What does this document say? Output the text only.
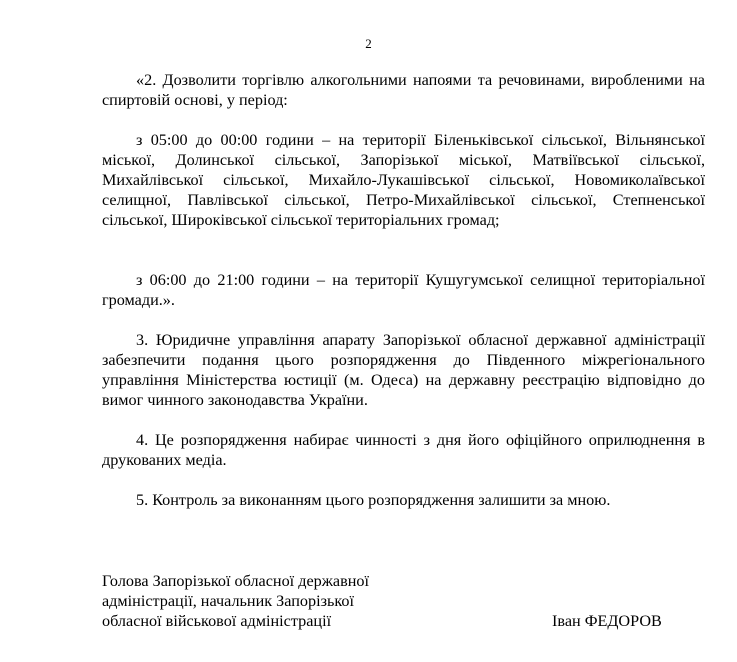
2

«2. Дозволити торгівлю алкогольними напоями та речовинами, виробленими на спиртовій основі, у період:

з 05:00 до 00:00 години – на території Біленьківської сільської, Вільнянської міської, Долинської сільської, Запорізької міської, Матвіївської сільської, Михайлівської сільської, Михайло-Лукашівської сільської, Новомиколаївської селищної, Павлівської сільської, Петро-Михайлівської сільської, Степненської сільської, Широківської сільської територіальних громад;

з 06:00 до 21:00 години – на території Кушугумської селищної територіальної громади.».

3. Юридичне управління апарату Запорізької обласної державної адміністрації забезпечити подання цього розпорядження до Південного міжрегіонального управління Міністерства юстиції (м. Одеса) на державну реєстрацію відповідно до вимог чинного законодавства України.

4. Це розпорядження набирає чинності з дня його офіційного оприлюднення в друкованих медіа.

5. Контроль за виконанням цього розпорядження залишити за мною.

Голова Запорізької обласної державної
адміністрації, начальник Запорізької
обласної військової адміністрації	Іван ФЕДОРОВ
